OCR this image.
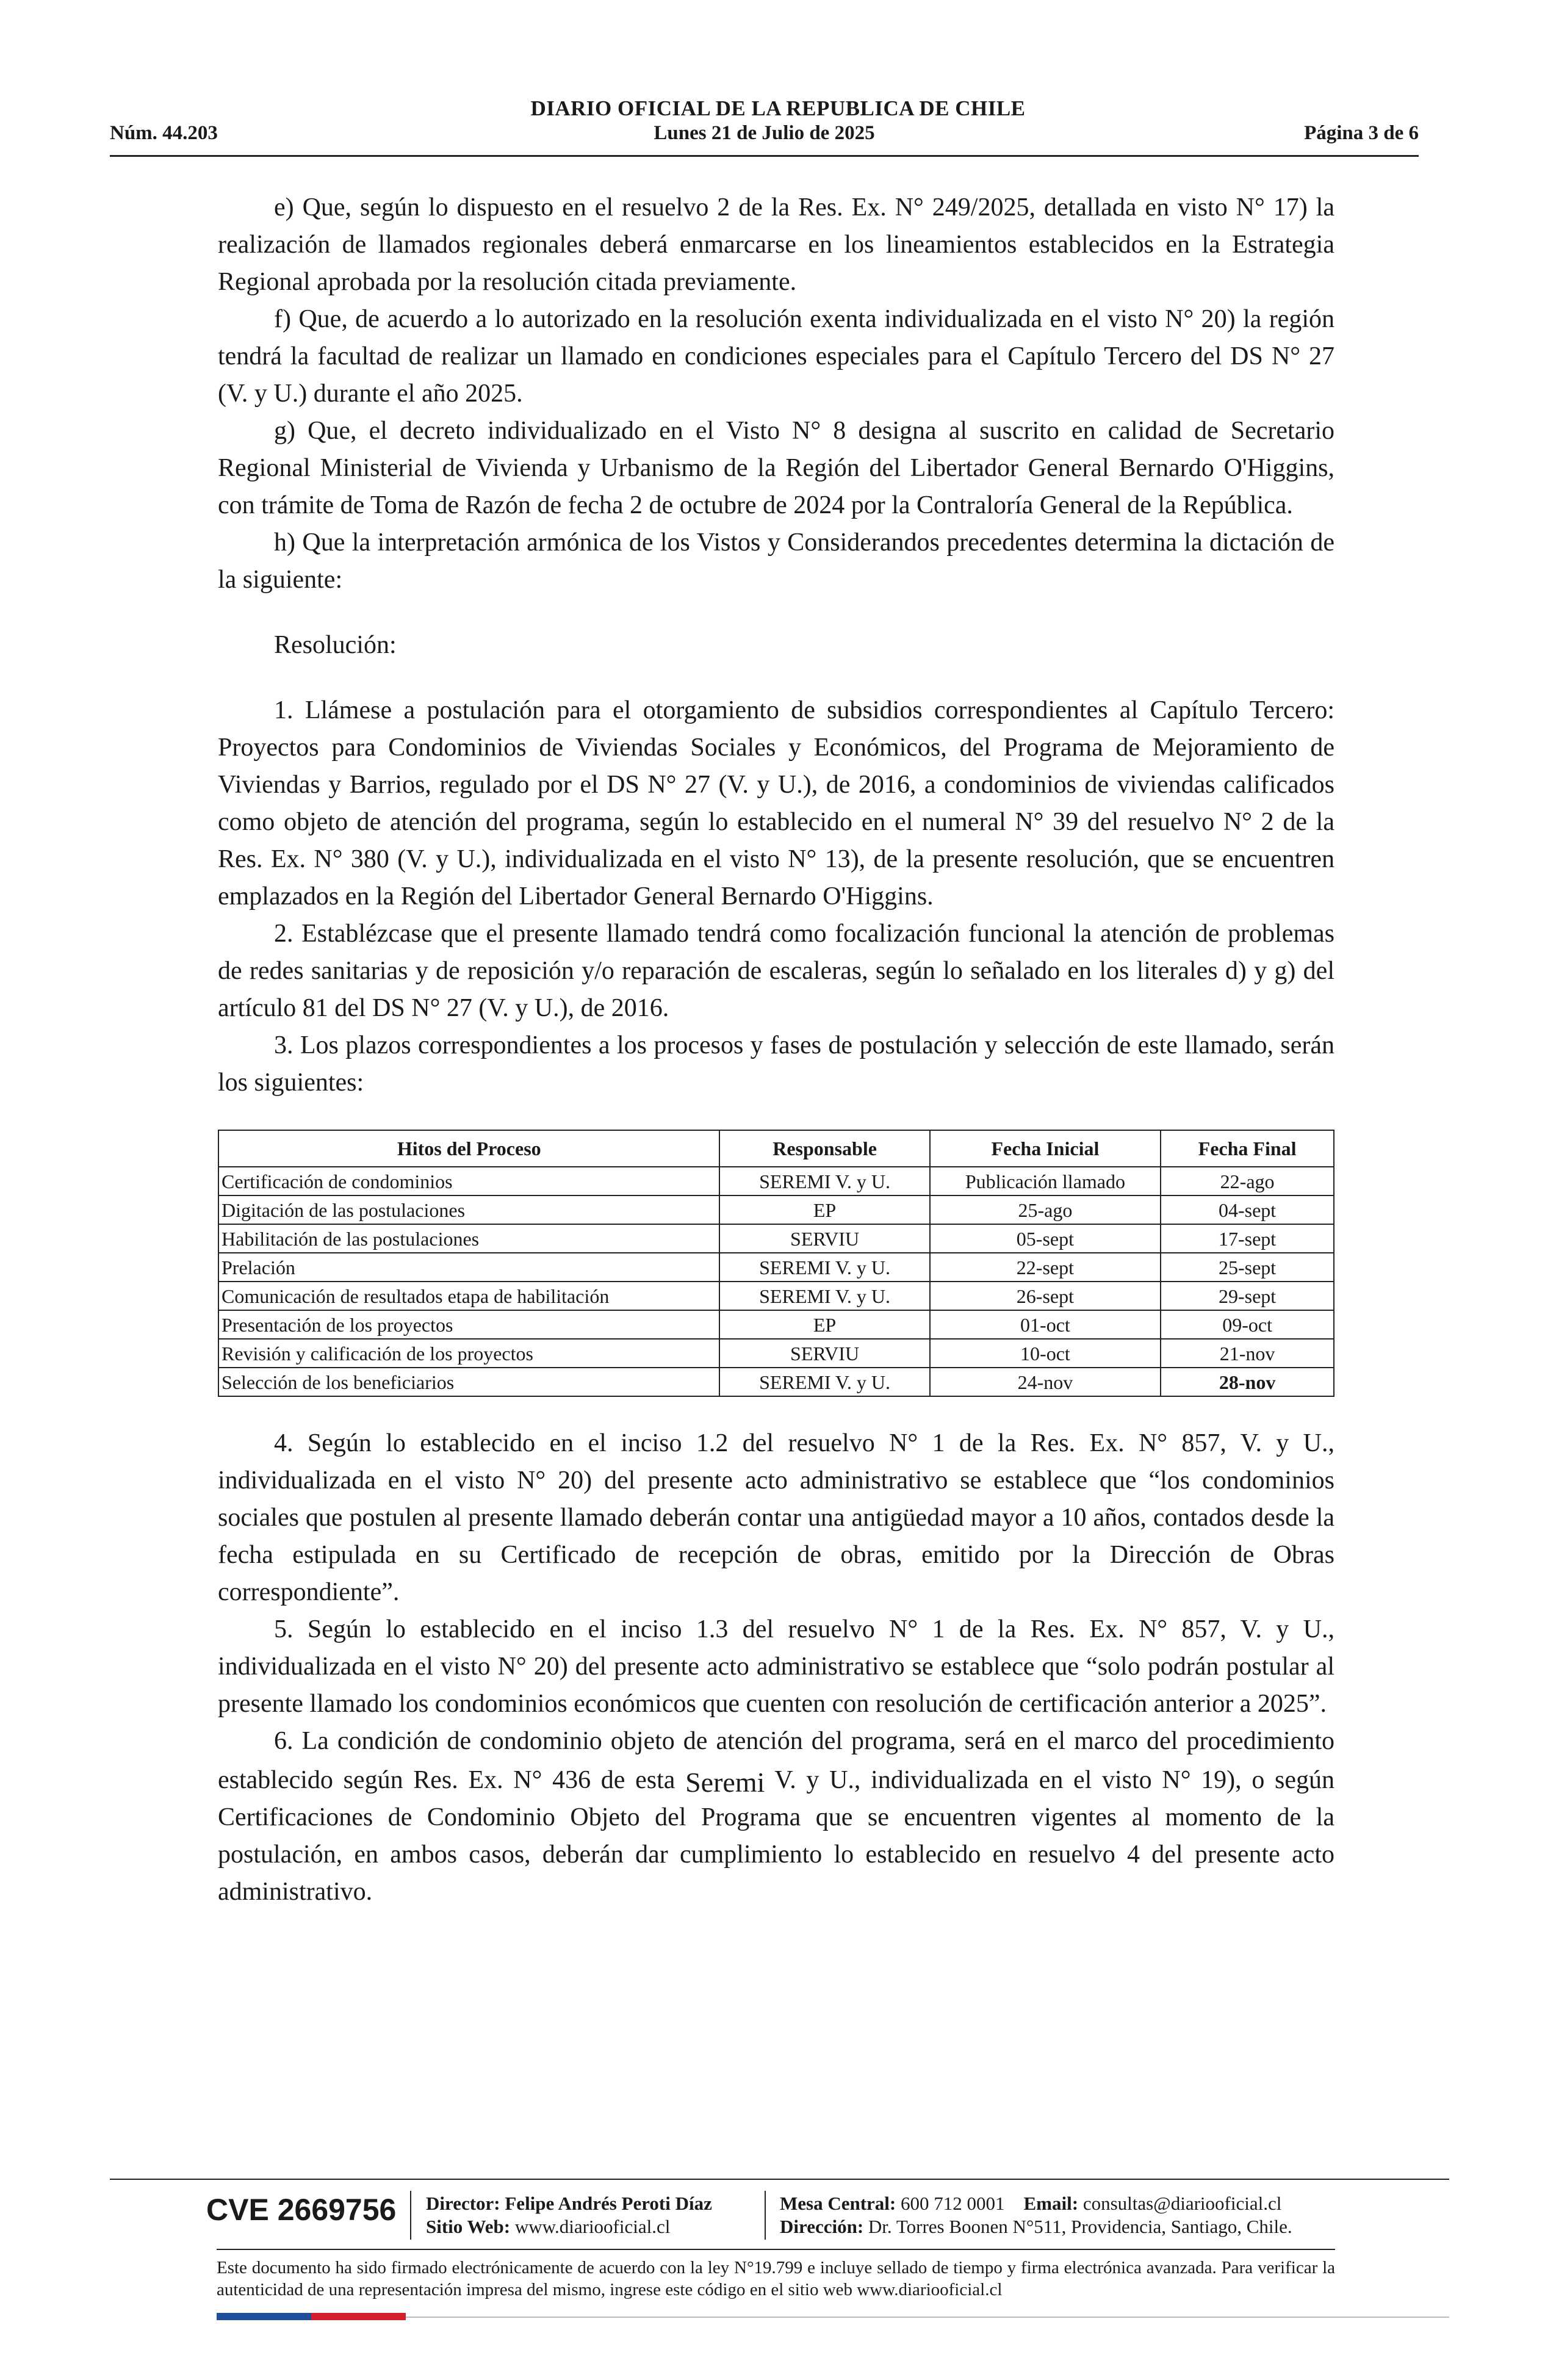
DIARIO OFICIAL DE LA REPUBLICA DE CHILE
Núm. 44.203	Lunes 21 de Julio de 2025	Página 3 de 6

e) Que, según lo dispuesto en el resuelvo 2 de la Res. Ex. N° 249/2025, detallada en visto N° 17) la realización de llamados regionales deberá enmarcarse en los lineamientos establecidos en la Estrategia Regional aprobada por la resolución citada previamente.

f) Que, de acuerdo a lo autorizado en la resolución exenta individualizada en el visto N° 20) la región tendrá la facultad de realizar un llamado en condiciones especiales para el Capítulo Tercero del DS N° 27 (V. y U.) durante el año 2025.

g) Que, el decreto individualizado en el Visto N° 8 designa al suscrito en calidad de Secretario Regional Ministerial de Vivienda y Urbanismo de la Región del Libertador General Bernardo O'Higgins, con trámite de Toma de Razón de fecha 2 de octubre de 2024 por la Contraloría General de la República.

h) Que la interpretación armónica de los Vistos y Considerandos precedentes determina la dictación de la siguiente:

Resolución:

1. Llámese a postulación para el otorgamiento de subsidios correspondientes al Capítulo Tercero: Proyectos para Condominios de Viviendas Sociales y Económicos, del Programa de Mejoramiento de Viviendas y Barrios, regulado por el DS N° 27 (V. y U.), de 2016, a condominios de viviendas calificados como objeto de atención del programa, según lo establecido en el numeral N° 39 del resuelvo N° 2 de la Res. Ex. N° 380 (V. y U.), individualizada en el visto N° 13), de la presente resolución, que se encuentren emplazados en la Región del Libertador General Bernardo O'Higgins.

2. Establézcase que el presente llamado tendrá como focalización funcional la atención de problemas de redes sanitarias y de reposición y/o reparación de escaleras, según lo señalado en los literales d) y g) del artículo 81 del DS N° 27 (V. y U.), de 2016.

3. Los plazos correspondientes a los procesos y fases de postulación y selección de este llamado, serán los siguientes:

Hitos del Proceso	Responsable	Fecha Inicial	Fecha Final
Certificación de condominios	SEREMI V. y U.	Publicación llamado	22-ago
Digitación de las postulaciones	EP	25-ago	04-sept
Habilitación de las postulaciones	SERVIU	05-sept	17-sept
Prelación	SEREMI V. y U.	22-sept	25-sept
Comunicación de resultados etapa de habilitación	SEREMI V. y U.	26-sept	29-sept
Presentación de los proyectos	EP	01-oct	09-oct
Revisión y calificación de los proyectos	SERVIU	10-oct	21-nov
Selección de los beneficiarios	SEREMI V. y U.	24-nov	28-nov

4. Según lo establecido en el inciso 1.2 del resuelvo N° 1 de la Res. Ex. N° 857, V. y U., individualizada en el visto N° 20) del presente acto administrativo se establece que “los condominios sociales que postulen al presente llamado deberán contar una antigüedad mayor a 10 años, contados desde la fecha estipulada en su Certificado de recepción de obras, emitido por la Dirección de Obras correspondiente”.

5. Según lo establecido en el inciso 1.3 del resuelvo N° 1 de la Res. Ex. N° 857, V. y U., individualizada en el visto N° 20) del presente acto administrativo se establece que “solo podrán postular al presente llamado los condominios económicos que cuenten con resolución de certificación anterior a 2025”.

6. La condición de condominio objeto de atención del programa, será en el marco del procedimiento establecido según Res. Ex. N° 436 de esta Seremi V. y U., individualizada en el visto N° 19), o según Certificaciones de Condominio Objeto del Programa que se encuentren vigentes al momento de la postulación, en ambos casos, deberán dar cumplimiento lo establecido en resuelvo 4 del presente acto administrativo.

CVE 2669756 Director: Felipe Andrés Peroti Díaz
Sitio Web: www.diariooficial.cl
Mesa Central: 600 712 0001 Email: consultas@diariooficial.cl
Dirección: Dr. Torres Boonen N°511, Providencia, Santiago, Chile.
Este documento ha sido firmado electrónicamente de acuerdo con la ley N°19.799 e incluye sellado de tiempo y firma electrónica avanzada. Para verificar la autenticidad de una representación impresa del mismo, ingrese este código en el sitio web www.diariooficial.cl
